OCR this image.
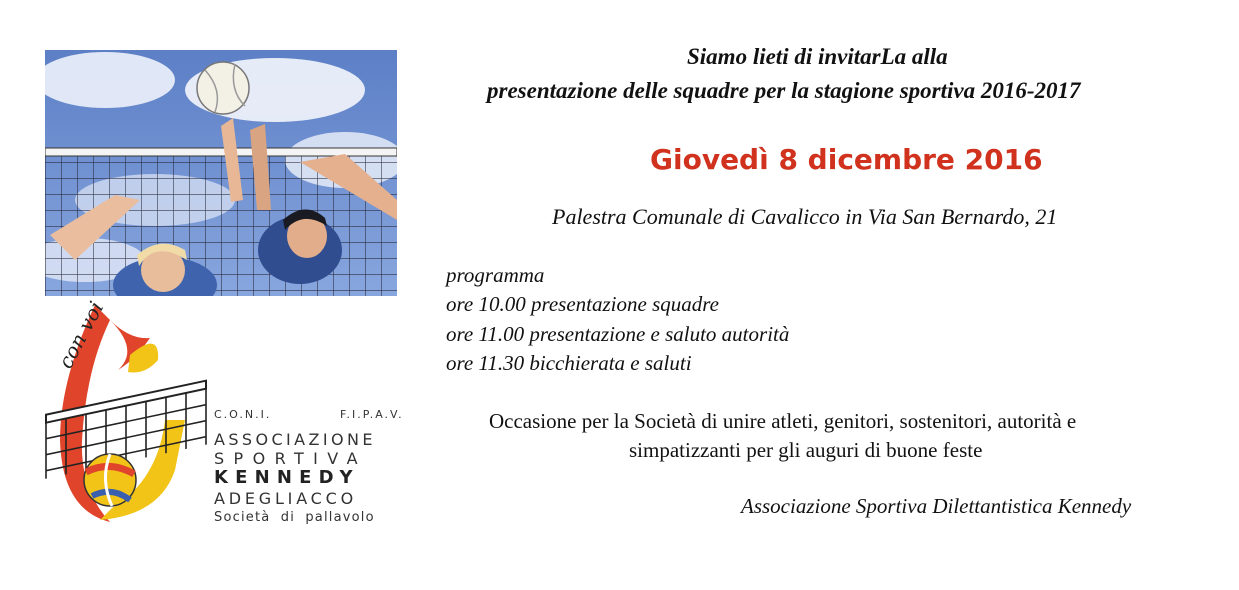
con voi
C.O.N.I.	F.I.P.A.V.
ASSOCIAZIONE
SPORTIVA
KENNEDY
ADEGLIACCO
Società di pallavolo
Siamo lieti di invitarLa alla
presentazione delle squadre per la stagione sportiva 2016-2017
Giovedì 8 dicembre 2016
Palestra Comunale di Cavalicco in Via San Bernardo, 21
programma
ore 10.00 presentazione squadre
ore 11.00 presentazione e saluto autorità
ore 11.30 bicchierata e saluti
Occasione per la Società di unire atleti, genitori, sostenitori, autorità e
simpatizzanti per gli auguri di buone feste
Associazione Sportiva Dilettantistica Kennedy
